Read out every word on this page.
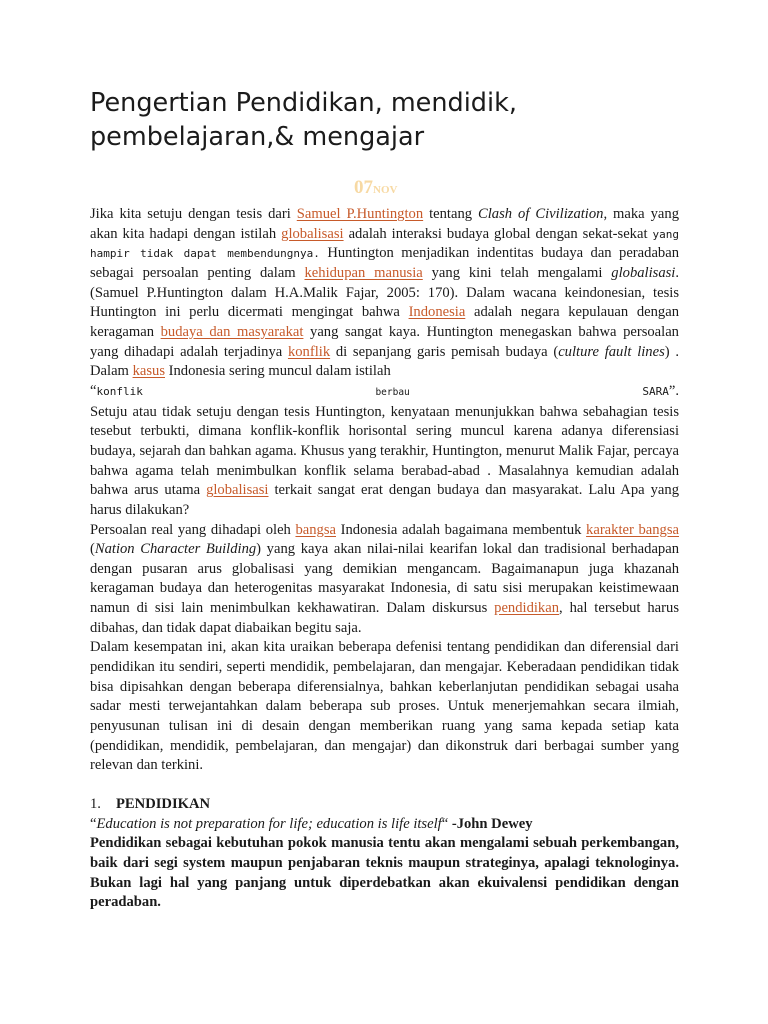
Pengertian Pendidikan, mendidik,
pembelajaran,& mengajar
07NOV

Jika kita setuju dengan tesis dari Samuel P.Huntington tentang Clash of Civilization, maka yang akan kita hadapi dengan istilah globalisasi adalah interaksi budaya global dengan sekat-sekat yang hampir tidak dapat membendungnya. Huntington menjadikan indentitas budaya dan peradaban sebagai persoalan penting dalam kehidupan manusia yang kini telah mengalami globalisasi. (Samuel P.Huntington dalam H.A.Malik Fajar, 2005: 170). Dalam wacana keindonesian, tesis Huntington ini perlu dicermati mengingat bahwa Indonesia adalah negara kepulauan dengan keragaman budaya dan masyarakat yang sangat kaya. Huntington menegaskan bahwa persoalan yang dihadapi adalah terjadinya konflik di sepanjang garis pemisah budaya (culture fault lines) . Dalam kasus Indonesia sering muncul dalam istilah

“konflik	berbau	SARA”.

Setuju atau tidak setuju dengan tesis Huntington, kenyataan menunjukkan bahwa sebahagian tesis tesebut terbukti, dimana konflik-konflik horisontal sering muncul karena adanya diferensiasi budaya, sejarah dan bahkan agama. Khusus yang terakhir, Huntington, menurut Malik Fajar, percaya bahwa agama telah menimbulkan konflik selama berabad-abad . Masalahnya kemudian adalah bahwa arus utama globalisasi terkait sangat erat dengan budaya dan masyarakat. Lalu Apa yang harus dilakukan?

Persoalan real yang dihadapi oleh bangsa Indonesia adalah bagaimana membentuk karakter bangsa (Nation Character Building) yang kaya akan nilai-nilai kearifan lokal dan tradisional berhadapan dengan pusaran arus globalisasi yang demikian mengancam. Bagaimanapun juga khazanah keragaman budaya dan heterogenitas masyarakat Indonesia, di satu sisi merupakan keistimewaan namun di sisi lain menimbulkan kekhawatiran. Dalam diskursus pendidikan, hal tersebut harus dibahas, dan tidak dapat diabaikan begitu saja.

Dalam kesempatan ini, akan kita uraikan beberapa defenisi tentang pendidikan dan diferensial dari pendidikan itu sendiri, seperti mendidik, pembelajaran, dan mengajar. Keberadaan pendidikan tidak bisa dipisahkan dengan beberapa diferensialnya, bahkan keberlanjutan pendidikan sebagai usaha sadar mesti terwejantahkan dalam beberapa sub proses. Untuk menerjemahkan secara ilmiah, penyusunan tulisan ini di desain dengan memberikan ruang yang sama kepada setiap kata (pendidikan, mendidik, pembelajaran, dan mengajar) dan dikonstruk dari berbagai sumber yang relevan dan terkini.

1. PENDIDIKAN

“Education is not preparation for life; education is life itself“ -John Dewey

Pendidikan sebagai kebutuhan pokok manusia tentu akan mengalami sebuah perkembangan, baik dari segi system maupun penjabaran teknis maupun strateginya, apalagi teknologinya. Bukan lagi hal yang panjang untuk diperdebatkan akan ekuivalensi pendidikan dengan peradaban.
